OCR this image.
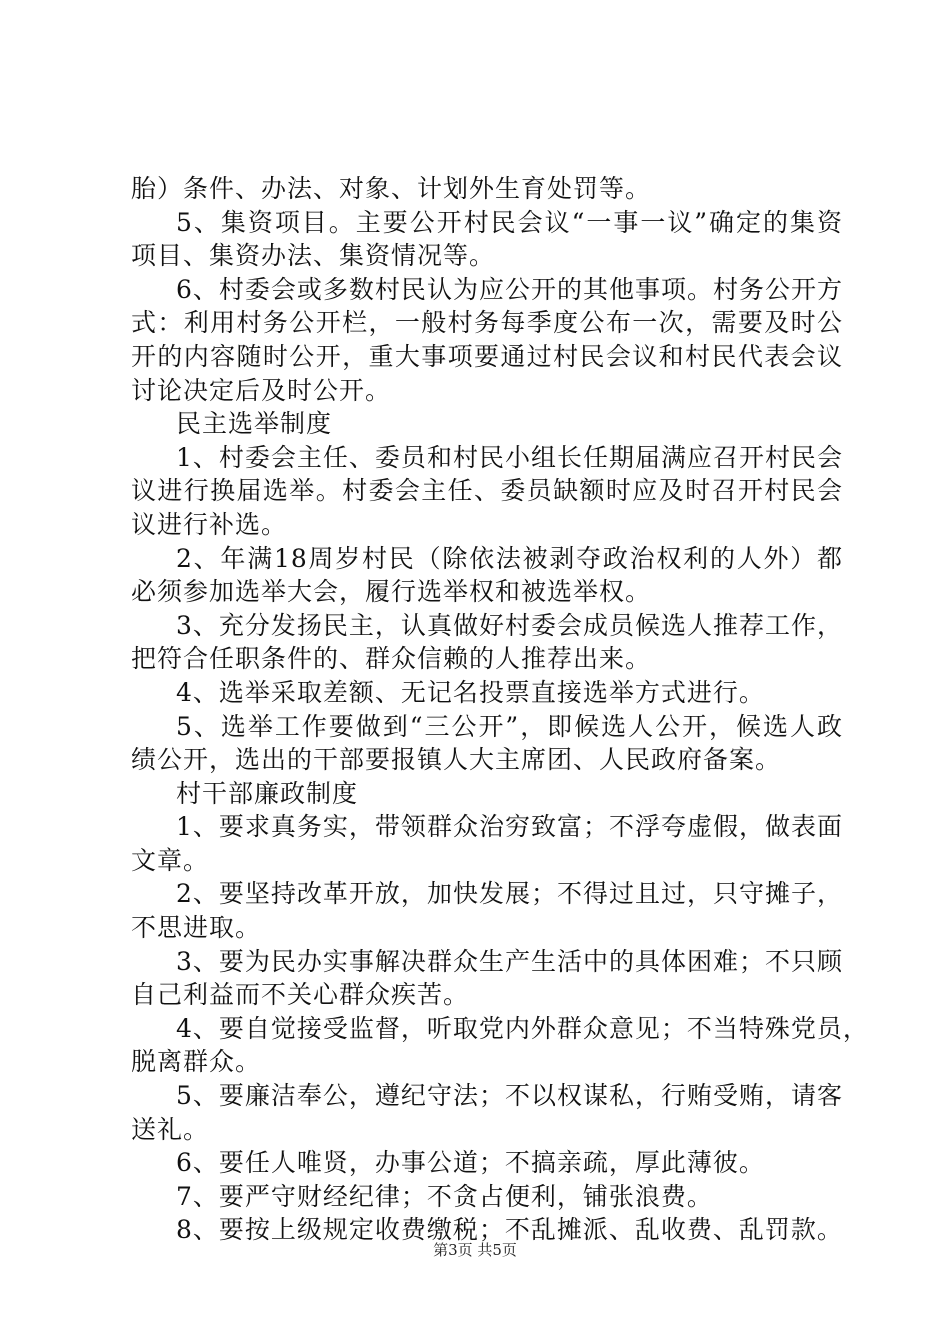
胎）条件、办法、对象、计划外生育处罚等。
5、集资项目。主要公开村民会议“一事一议”确定的集资
项目、集资办法、集资情况等。
6、村委会或多数村民认为应公开的其他事项。村务公开方
式：利用村务公开栏，一般村务每季度公布一次，需要及时公
开的内容随时公开，重大事项要通过村民会议和村民代表会议
讨论决定后及时公开。
民主选举制度
1、村委会主任、委员和村民小组长任期届满应召开村民会
议进行换届选举。村委会主任、委员缺额时应及时召开村民会
议进行补选。
2、年满18周岁村民（除依法被剥夺政治权利的人外）都
必须参加选举大会，履行选举权和被选举权。
3、充分发扬民主，认真做好村委会成员候选人推荐工作，
把符合任职条件的、群众信赖的人推荐出来。
4、选举采取差额、无记名投票直接选举方式进行。
5、选举工作要做到“三公开”，即候选人公开，候选人政
绩公开，选出的干部要报镇人大主席团、人民政府备案。
村干部廉政制度
1、要求真务实，带领群众治穷致富；不浮夸虚假，做表面
文章。
2、要坚持改革开放，加快发展；不得过且过，只守摊子，
不思进取。
3、要为民办实事解决群众生产生活中的具体困难；不只顾
自己利益而不关心群众疾苦。
4、要自觉接受监督，听取党内外群众意见；不当特殊党员，
脱离群众。
5、要廉洁奉公，遵纪守法；不以权谋私，行贿受贿，请客
送礼。
6、要任人唯贤，办事公道；不搞亲疏，厚此薄彼。
7、要严守财经纪律；不贪占便利，铺张浪费。
8、要按上级规定收费缴税；不乱摊派、乱收费、乱罚款。
第3页 共5页
